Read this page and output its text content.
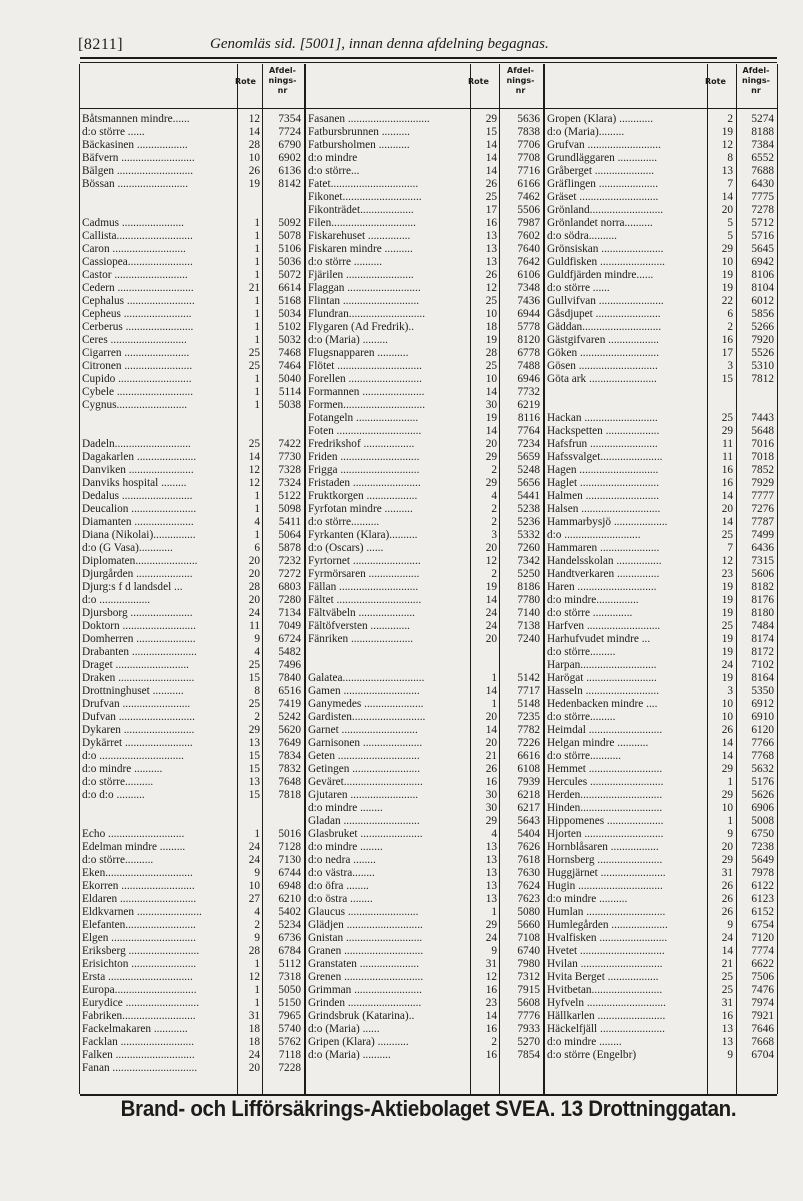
[8211]	Genomläs sid. [5001], innan denna afdelning begagnas.
Rote
Afdel-
nings-
nr
Båtsmannen mindre......	12 7354
d:o större ......	14 7724
Bäckasinen ..................	28 6790
Bäfvern ..........................	10 6902
Bälgen ...........................	26 6136
Bössan .........................	19 8142
Cadmus ......................	1 5092
Callista...........................	1 5078
Caron ..........................	1 5106
Cassiopea.......................	1 5036
Castor ..........................	1 5072
Cedern ...........................	21 6614
Cephalus ........................	1 5168
Cepheus ........................	1 5034
Cerberus ........................	1 5102
Ceres ...........................	1 5032
Cigarren .......................	25 7468
Citronen ........................	25 7464
Cupido ..........................	1 5040
Cybele ...........................	1 5114
Cygnus.........................	1 5038
Dadeln...........................	25 7422
Dagakarlen .....................	14 7730
Danviken .......................	12 7328
Danviks hospital .........	12 7324
Dedalus .........................	1 5122
Deucalion .......................	1 5098
Diamanten .....................	4 5411
Diana (Nikolai)...............	1 5064
d:o (G Vasa)............	6 5878
Diplomaten......................	20 7232
Djurgården ....................	20 7272
Djurg:s f d landsdel ...	28 6803
d:o ..................	20 7280
Djursborg ......................	24 7134
Doktorn ..........................	11 7049
Domherren .....................	9 6724
Drabanten .......................	4 5482
Draget ..........................	25 7496
Draken ...........................	15 7840
Drottninghuset ...........	8 6516
Drufvan ........................	25 7419
Dufvan ...........................	2 5242
Dykaren .........................	29 5620
Dykärret ........................	13 7649
d:o ..............................	15 7834
d:o mindre ..........	15 7832
d:o större..........	13 7648
d:o d:o ..........	15 7818
Echo ...........................	1 5016
Edelman mindre .........	24 7128
d:o större..........	24 7130
Eken...............................	9 6744
Ekorren ..........................	10 6948
Eldaren ...........................	27 6210
Eldkvarnen .......................	4 5402
Elefanten.........................	2 5234
Elgen ..............................	9 6736
Eriksberg .........................	28 6784
Erisichton .......................	1 5112
Ersta ..............................	12 7318
Europa.............................	1 5050
Eurydice ..........................	1 5150
Fabriken..........................	31 7965
Fackelmakaren ............	18 5740
Facklan ..........................	18 5762
Falken ............................	24 7118
Fanan ..............................	20 7228
Rote
Afdel-
nings-
nr
Fasanen .............................	29 5636
Fatbursbrunnen ..........	15 7838
Fatbursholmen ...........	14 7706
d:o mindre	14 7708
d:o större...	14 7716
Fatet...............................	26 6166
Fikonet............................	25 7462
Fikonträdet...................	17 5506
Filen..............................	16 7987
Fiskarehuset ...............	13 7602
Fiskaren mindre ..........	13 7640
d:o större ..........	13 7642
Fjärilen ........................	26 6106
Flaggan ..........................	12 7348
Flintan ...........................	25 7436
Flundran...........................	10 6944
Flygaren (Ad Fredrik)..	18 5778
d:o (Maria) .........	19 8120
Flugsnapparen ...........	28 6778
Flötet ..............................	25 7488
Forellen ..........................	10 6946
Formannen ......................	14 7732
Formen.............................	30 6219
Fotangeln ......................	19 8116
Foten ..............................	14 7764
Fredrikshof ..................	20 7234
Friden ............................	29 5659
Frigga ............................	2 5248
Fristaden ........................	29 5656
Fruktkorgen ..................	4 5441
Fyrfotan mindre ..........	2 5238
d:o större..........	2 5236
Fyrkanten (Klara)..........	3 5332
d:o (Oscars) ......	20 7260
Fyrtornet ........................	12 7342
Fyrmörsaren ..................	2 5250
Fällan ............................	19 8186
Fältet ..............................	14 7780
Fältväbeln ....................	24 7140
Fältöfversten ..............	24 7138
Fänriken ......................	20 7240
Galatea.............................	1 5142
Gamen ...........................	14 7717
Ganymedes .....................	1 5148
Gardisten..........................	20 7235
Garnet ...........................	14 7782
Garnisonen .....................	20 7226
Geten .............................	21 6616
Getingen ........................	26 6108
Geväret............................	16 7939
Gjutaren ........................	30 6218
d:o mindre ........	30 6217
Gladan ...........................	29 5643
Glasbruket ......................	4 5404
d:o mindre ........	13 7626
d:o nedra ........	13 7618
d:o västra........	13 7630
d:o öfra ........	13 7624
d:o östra ........	13 7623
Glaucus .........................	1 5080
Glädjen ...........................	29 5660
Gnistan ...........................	24 7108
Granen ............................	9 6740
Granstaten .....................	31 7980
Grenen ............................	12 7312
Grimman ........................	16 7915
Grinden ..........................	23 5608
Grindsbruk (Katarina)..	14 7776
d:o (Maria) ......	16 7933
Gripen (Klara) ...........	2 5270
d:o (Maria) ..........	16 7854
Rote
Afdel-
nings-
nr
Gropen (Klara) ............	2 5274
d:o (Maria).........	19 8188
Grufvan ..........................	12 7384
Grundläggaren ..............	8 6552
Gråberget .....................	13 7688
Gräflingen .....................	7 6430
Gräset ............................	14 7775
Grönland..........................	20 7278
Grönlandet norra..........	5 5712
d:o södra..........	5 5716
Grönsiskan ......................	29 5645
Guldfisken .......................	10 6942
Guldfjärden mindre......	19 8106
d:o större ......	19 8104
Gullvifvan .......................	22 6012
Gåsdjupet .......................	6 5856
Gäddan............................	2 5266
Gästgifvaren ..................	16 7920
Göken ............................	17 5526
Gösen ............................	3 5310
Göta ark ........................	15 7812
Hackan ..........................	25 7443
Hackspetten ...................	29 5648
Hafsfrun ........................	11 7016
Hafssvalget......................	11 7018
Hagen ............................	16 7852
Haglet ............................	16 7929
Halmen ..........................	14 7777
Halsen ............................	20 7276
Hammarbysjö ...................	14 7787
d:o ...........................	25 7499
Hammaren .....................	7 6436
Handelsskolan ................	12 7315
Handtverkaren ...............	23 5606
Haren ............................	19 8182
d:o mindre...............	19 8176
d:o större ..............	19 8180
Harfven ..........................	25 7484
Harhufvudet mindre ...	19 8174
d:o större.........	19 8172
Harpan...........................	24 7102
Harögat .........................	19 8164
Hasseln ..........................	3 5350
Hedenbacken mindre ....	10 6912
d:o större.........	10 6910
Heimdal ..........................	26 6120
Helgan mindre ...........	14 7766
d:o större...........	14 7768
Hemmet ..........................	29 5632
Hercules ..........................	1 5176
Herden.............................	29 5626
Hinden.............................	10 6906
Hippomenes ....................	1 5008
Hjorten ............................	9 6750
Hornblåsaren .................	20 7238
Hornsberg .......................	29 5649
Huggjärnet .......................	31 7978
Hugin ..............................	26 6122
d:o mindre ..........	26 6123
Humlan ............................	26 6152
Humlegården ....................	9 6754
Hvalfisken ........................	24 7120
Hvetet ..............................	14 7774
Hvilan .............................	21 6622
Hvita Berget ..................	25 7506
Hvitbetan.........................	25 7476
Hyfveln ............................	31 7974
Hällkarlen ........................	16 7921
Häckelfjäll .......................	13 7646
d:o mindre ........	13 7668
d:o större (Engelbr)	9 6704
Brand- och Lifförsäkrings-Aktiebolaget SVEA. 13 Drottninggatan.
